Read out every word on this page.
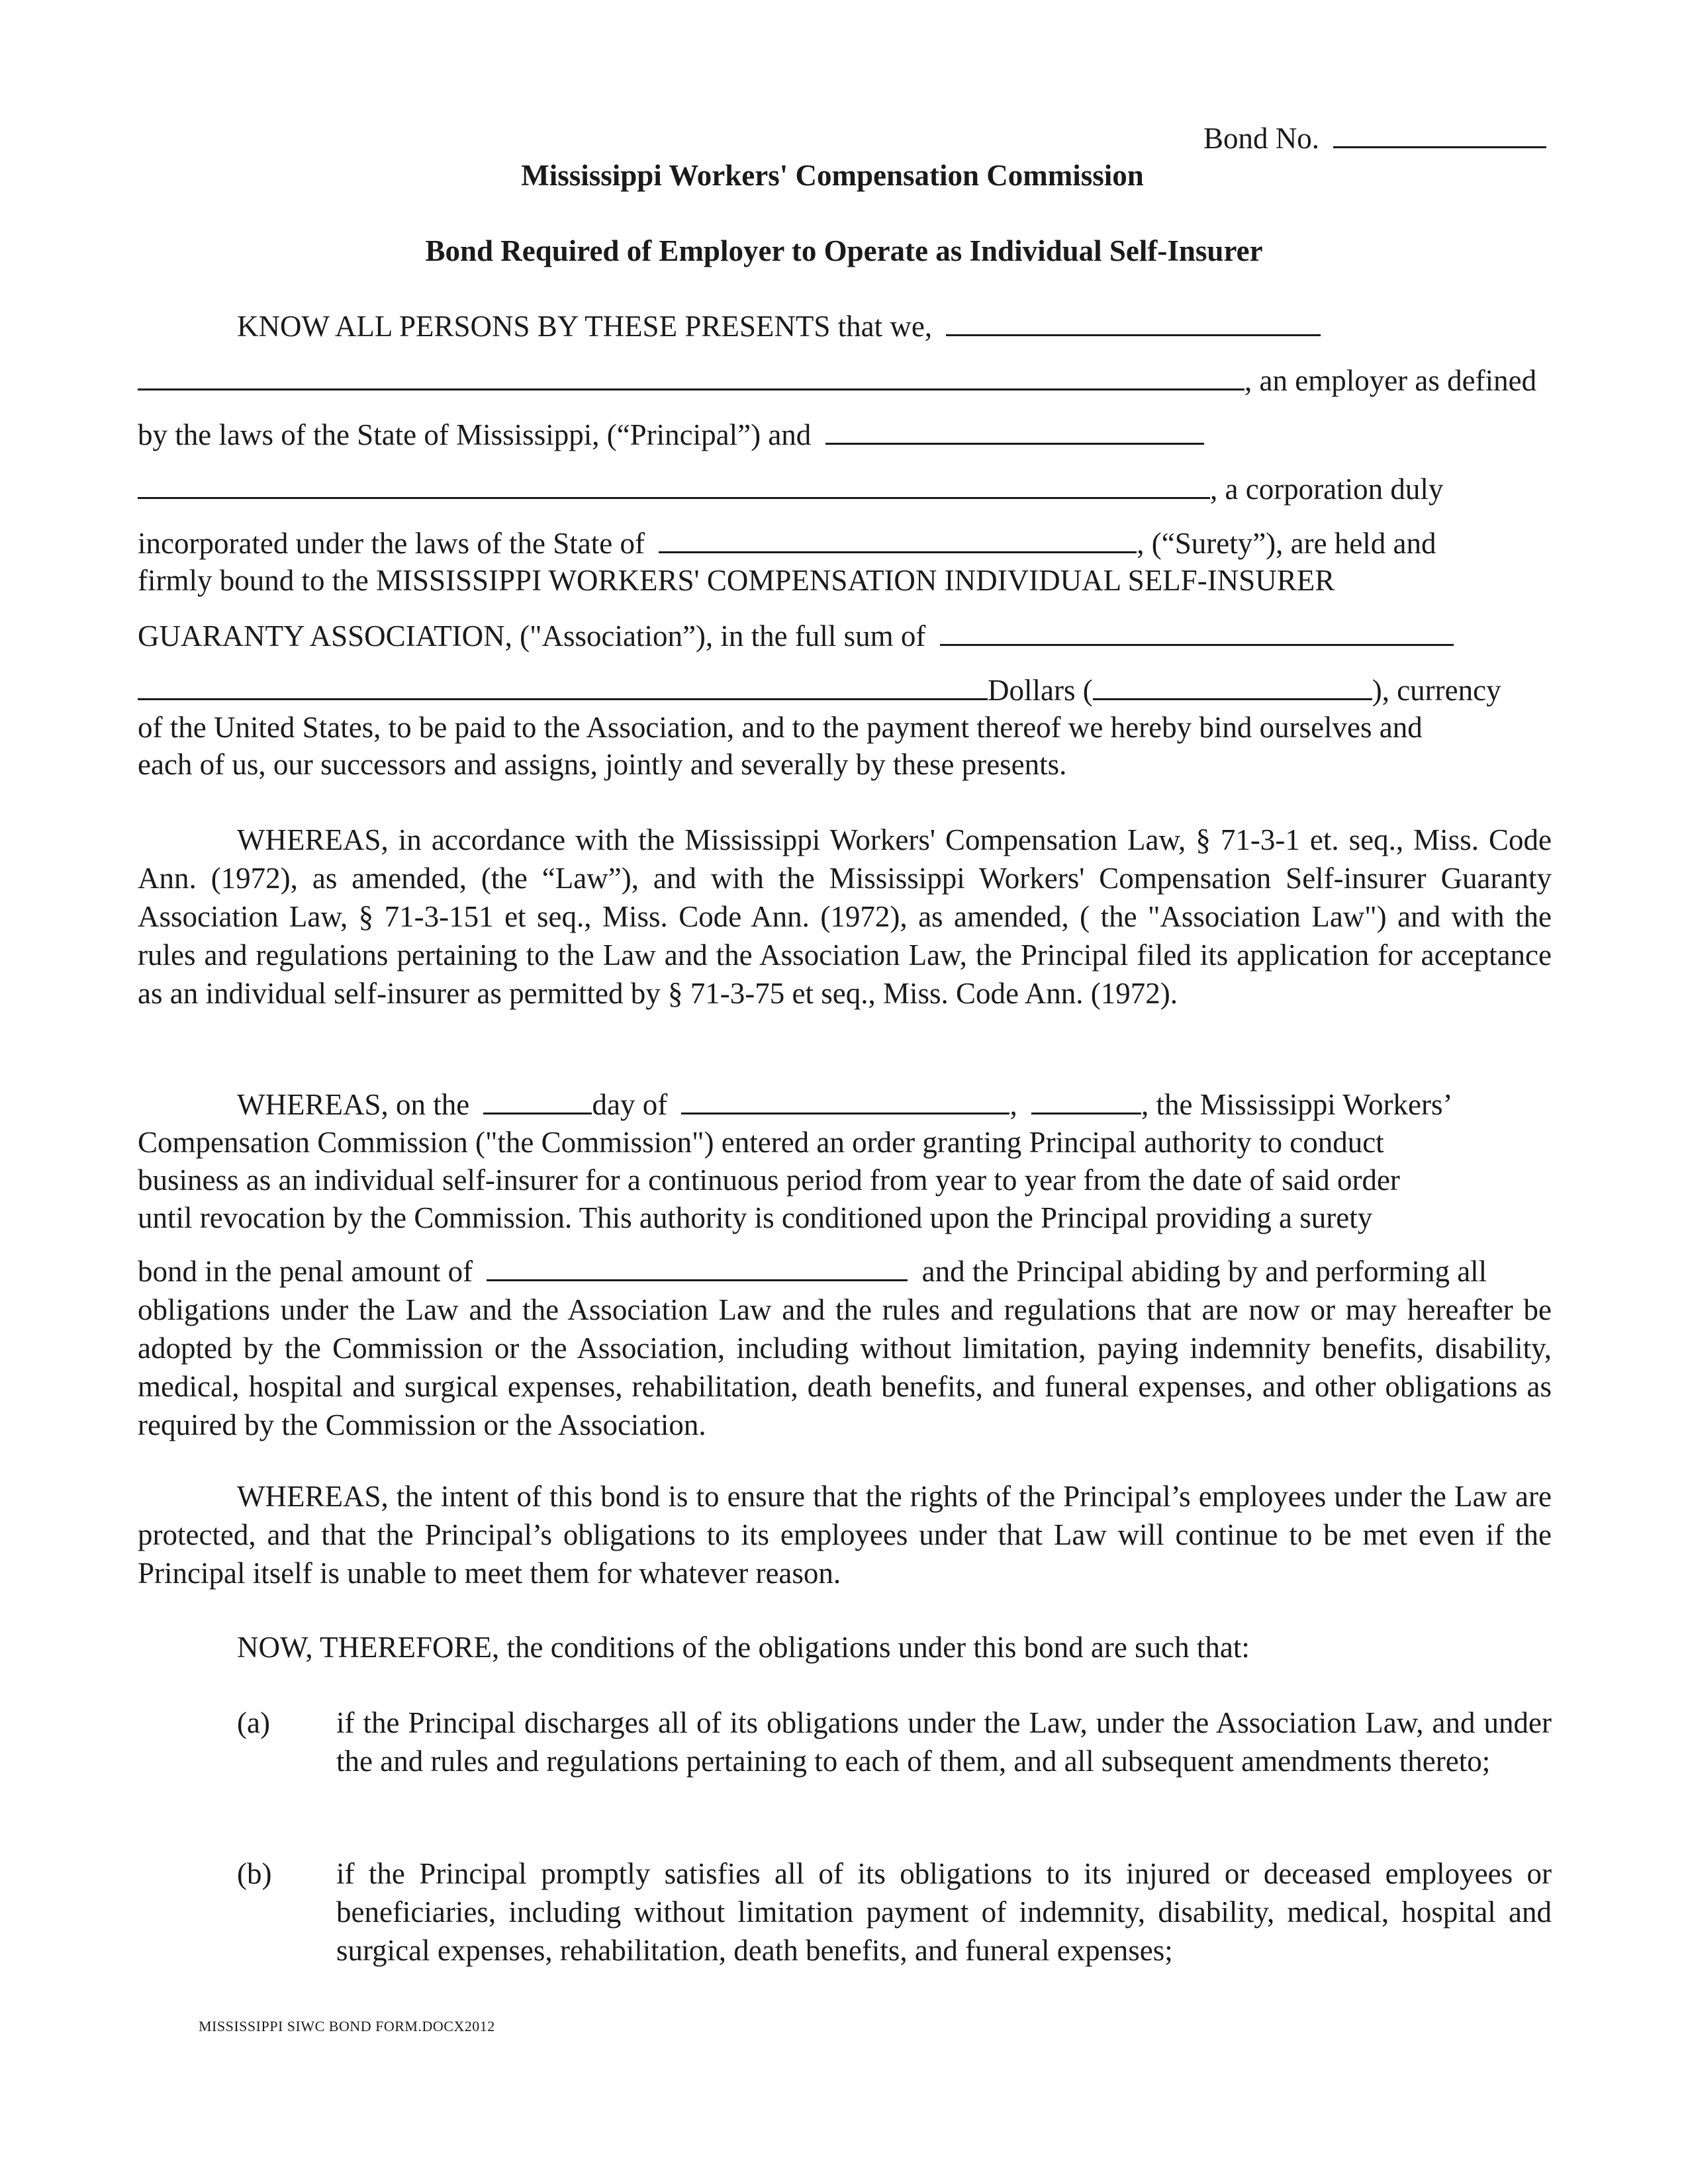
Bond No.
Mississippi Workers' Compensation Commission
Bond Required of Employer to Operate as Individual Self-Insurer
KNOW ALL PERSONS BY THESE PRESENTS that we,
, an employer as defined
by the laws of the State of Mississippi, (“Principal”) and
, a corporation duly
incorporated under the laws of the State of	, (“Surety”), are held and
firmly bound to the MISSISSIPPI WORKERS' COMPENSATION INDIVIDUAL SELF-INSURER
GUARANTY ASSOCIATION, ("Association”), in the full sum of
Dollars (	), currency
of the United States, to be paid to the Association, and to the payment thereof we hereby bind ourselves and
each of us, our successors and assigns, jointly and severally by these presents.
WHEREAS, in accordance with the Mississippi Workers' Compensation Law, § 71-3-1 et. seq., Miss. Code Ann. (1972), as amended, (the “Law”), and with the Mississippi Workers' Compensation Self-insurer Guaranty Association Law, § 71-3-151 et seq., Miss. Code Ann. (1972), as amended, ( the "Association Law") and with the rules and regulations pertaining to the Law and the Association Law, the Principal filed its application for acceptance as an individual self-insurer as permitted by § 71-3-75 et seq., Miss. Code Ann. (1972).
WHEREAS, on the	day of	,	, the Mississippi Workers’
Compensation Commission ("the Commission") entered an order granting Principal authority to conduct
business as an individual self-insurer for a continuous period from year to year from the date of said order
until revocation by the Commission. This authority is conditioned upon the Principal providing a surety
bond in the penal amount of	and the Principal abiding by and performing all
obligations under the Law and the Association Law and the rules and regulations that are now or may hereafter be adopted by the Commission or the Association, including without limitation, paying indemnity benefits, disability, medical, hospital and surgical expenses, rehabilitation, death benefits, and funeral expenses, and other obligations as required by the Commission or the Association.
WHEREAS, the intent of this bond is to ensure that the rights of the Principal’s employees under the Law are protected, and that the Principal’s obligations to its employees under that Law will continue to be met even if the Principal itself is unable to meet them for whatever reason.
NOW, THEREFORE, the conditions of the obligations under this bond are such that:
(a) if the Principal discharges all of its obligations under the Law, under the Association Law, and under the and rules and regulations pertaining to each of them, and all subsequent amendments thereto;
(b) if the Principal promptly satisfies all of its obligations to its injured or deceased employees or beneficiaries, including without limitation payment of indemnity, disability, medical, hospital and surgical expenses, rehabilitation, death benefits, and funeral expenses;
MISSISSIPPI SIWC BOND FORM.DOCX2012
